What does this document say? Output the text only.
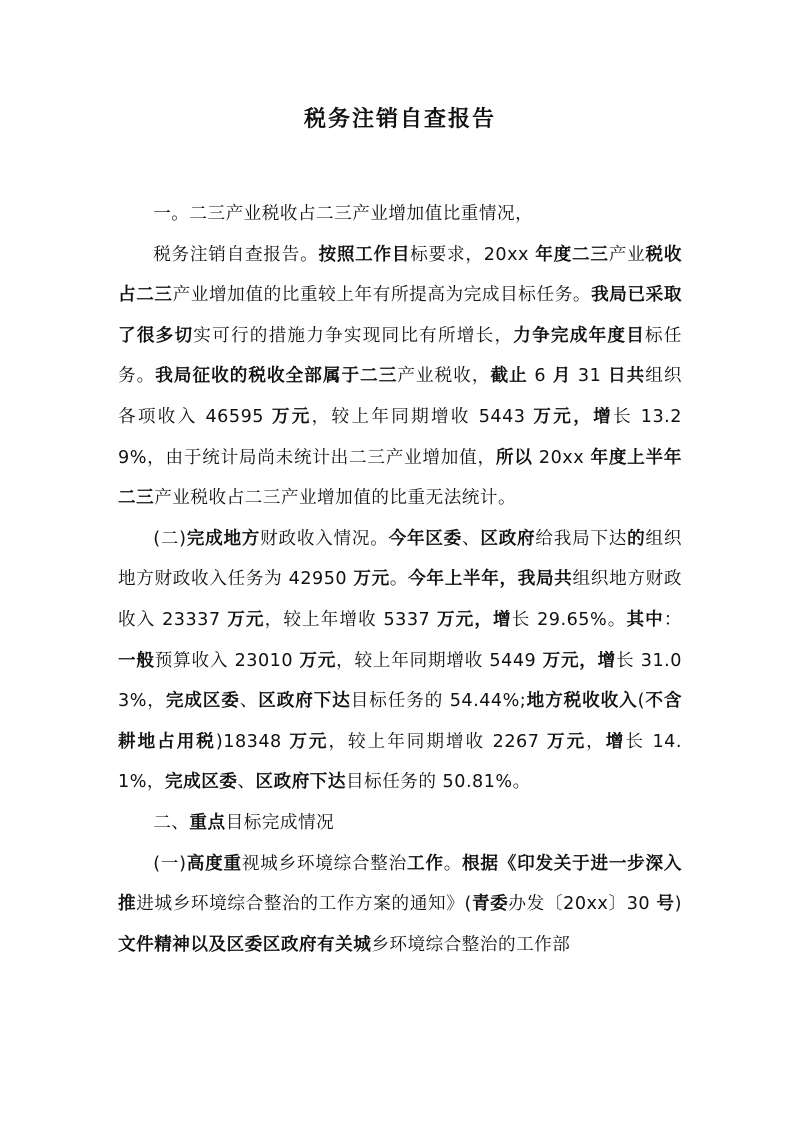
税务注销自查报告

一。二三产业税收占二三产业增加值比重情况，

税务注销自查报告。按照工作目标要求，20xx 年度二三产业税收占二三产业增加值的比重较上年有所提高为完成目标任务。我局已采取了很多切实可行的措施力争实现同比有所增长，力争完成年度目标任务。我局征收的税收全部属于二三产业税收，截止 6 月 31 日共组织各项收入 46595 万元，较上年同期增收 5443 万元，增长 13.29%，由于统计局尚未统计出二三产业增加值，所以 20xx 年度上半年二三产业税收占二三产业增加值的比重无法统计。

(二)完成地方财政收入情况。今年区委、区政府给我局下达的组织地方财政收入任务为 42950 万元。今年上半年，我局共组织地方财政收入 23337 万元，较上年增收 5337 万元，增长 29.65%。其中：一般预算收入 23010 万元，较上年同期增收 5449 万元，增长 31.03%，完成区委、区政府下达目标任务的 54.44%;地方税收收入(不含耕地占用税)18348 万元，较上年同期增收 2267 万元，增长 14.1%，完成区委、区政府下达目标任务的 50.81%。

二、重点目标完成情况

(一)高度重视城乡环境综合整治工作。根据《印发关于进一步深入推进城乡环境综合整治的工作方案的通知》(青委办发〔20xx〕30 号)文件精神以及区委区政府有关城乡环境综合整治的工作部
